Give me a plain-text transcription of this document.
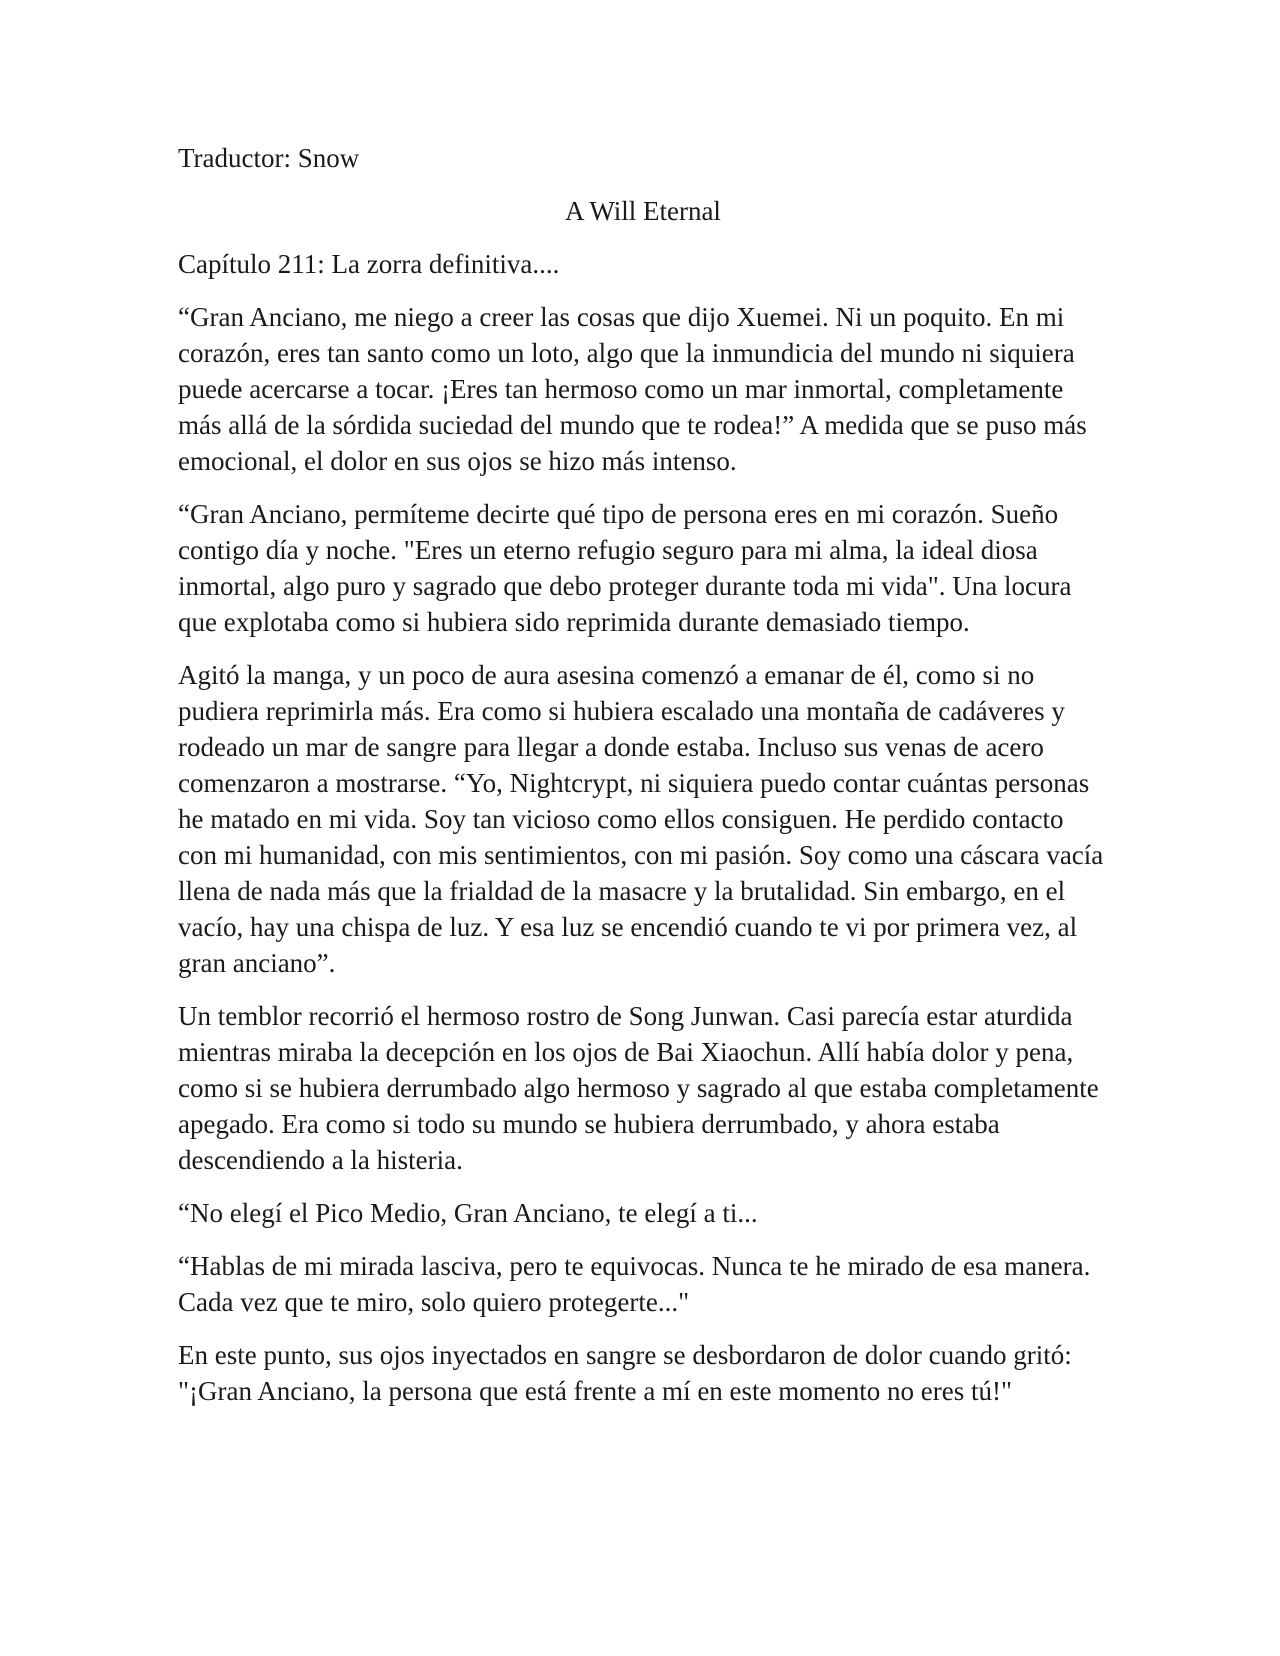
Traductor: Snow

A Will Eternal

Capítulo 211: La zorra definitiva....

“Gran Anciano, me niego a creer las cosas que dijo Xuemei. Ni un poquito. En mi corazón, eres tan santo como un loto, algo que la inmundicia del mundo ni siquiera puede acercarse a tocar. ¡Eres tan hermoso como un mar inmortal, completamente más allá de la sórdida suciedad del mundo que te rodea!” A medida que se puso más emocional, el dolor en sus ojos se hizo más intenso.

“Gran Anciano, permíteme decirte qué tipo de persona eres en mi corazón. Sueño contigo día y noche. "Eres un eterno refugio seguro para mi alma, la ideal diosa inmortal, algo puro y sagrado que debo proteger durante toda mi vida". Una locura que explotaba como si hubiera sido reprimida durante demasiado tiempo.

Agitó la manga, y un poco de aura asesina comenzó a emanar de él, como si no pudiera reprimirla más. Era como si hubiera escalado una montaña de cadáveres y rodeado un mar de sangre para llegar a donde estaba. Incluso sus venas de acero comenzaron a mostrarse. “Yo, Nightcrypt, ni siquiera puedo contar cuántas personas he matado en mi vida. Soy tan vicioso como ellos consiguen. He perdido contacto con mi humanidad, con mis sentimientos, con mi pasión. Soy como una cáscara vacía llena de nada más que la frialdad de la masacre y la brutalidad. Sin embargo, en el vacío, hay una chispa de luz. Y esa luz se encendió cuando te vi por primera vez, al gran anciano”.

Un temblor recorrió el hermoso rostro de Song Junwan. Casi parecía estar aturdida mientras miraba la decepción en los ojos de Bai Xiaochun. Allí había dolor y pena, como si se hubiera derrumbado algo hermoso y sagrado al que estaba completamente apegado. Era como si todo su mundo se hubiera derrumbado, y ahora estaba descendiendo a la histeria.

“No elegí el Pico Medio, Gran Anciano, te elegí a ti...

“Hablas de mi mirada lasciva, pero te equivocas. Nunca te he mirado de esa manera. Cada vez que te miro, solo quiero protegerte..."

En este punto, sus ojos inyectados en sangre se desbordaron de dolor cuando gritó: "¡Gran Anciano, la persona que está frente a mí en este momento no eres tú!"
